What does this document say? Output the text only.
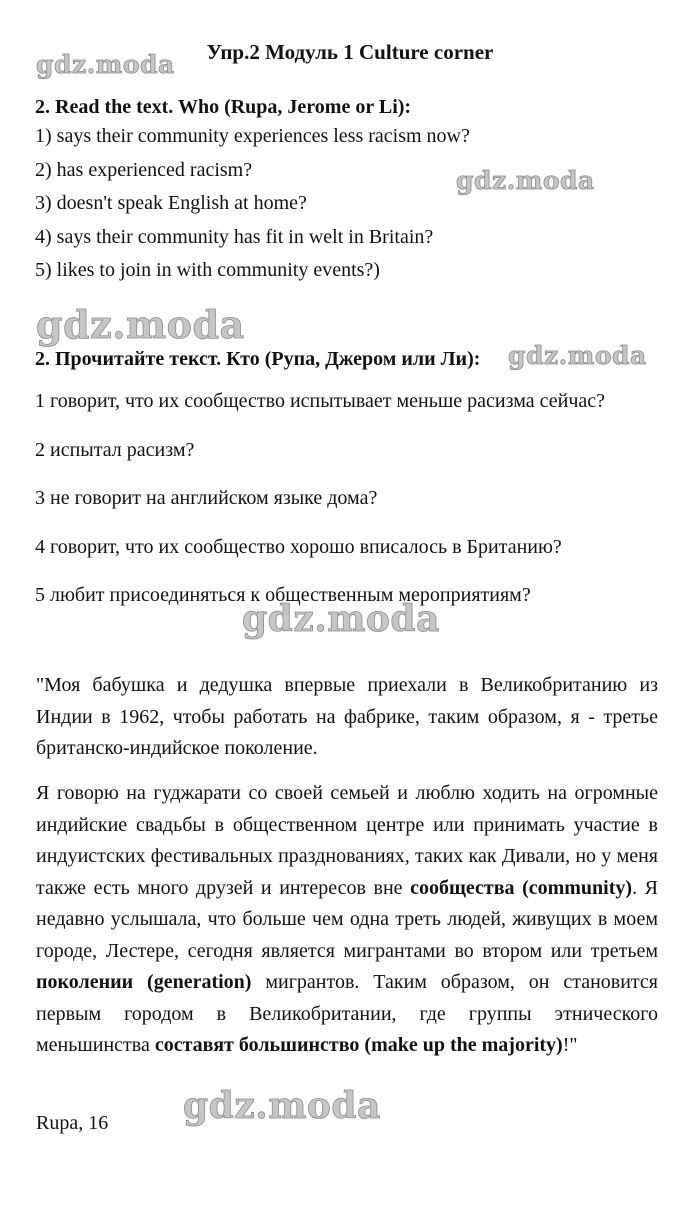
Упр.2 Модуль 1 Culture corner
2. Read the text. Who (Rupa, Jerome or Li):
1) says their community experiences less racism now?
2) has experienced racism?
3) doesn't speak English at home?
4) says their community has fit in welt in Britain?
5) likes to join in with community events?)
2. Прочитайте текст. Кто (Рупа, Джером или Ли):
1 говорит, что их сообщество испытывает меньше расизма сейчас?
2 испытал расизм?
3 не говорит на английском языке дома?
4 говорит, что их сообщество хорошо вписалось в Британию?
5 любит присоединяться к общественным мероприятиям?
"Моя бабушка и дедушка впервые приехали в Великобританию из Индии в 1962, чтобы работать на фабрике, таким образом, я - третье британско-индийское поколение.
Я говорю на гуджарати со своей семьей и люблю ходить на огромные индийские свадьбы в общественном центре или принимать участие в индуистских фестивальных празднованиях, таких как Дивали, но у меня также есть много друзей и интересов вне сообщества (community). Я недавно услышала, что больше чем одна треть людей, живущих в моем городе, Лестере, сегодня является мигрантами во втором или третьем поколении (generation) мигрантов. Таким образом, он становится первым городом в Великобритании, где группы этнического меньшинства составят большинство (make up the majority)!"
Rupa, 16
gdz.moda
gdz.moda
gdz.moda
gdz.moda
gdz.moda
gdz.moda
